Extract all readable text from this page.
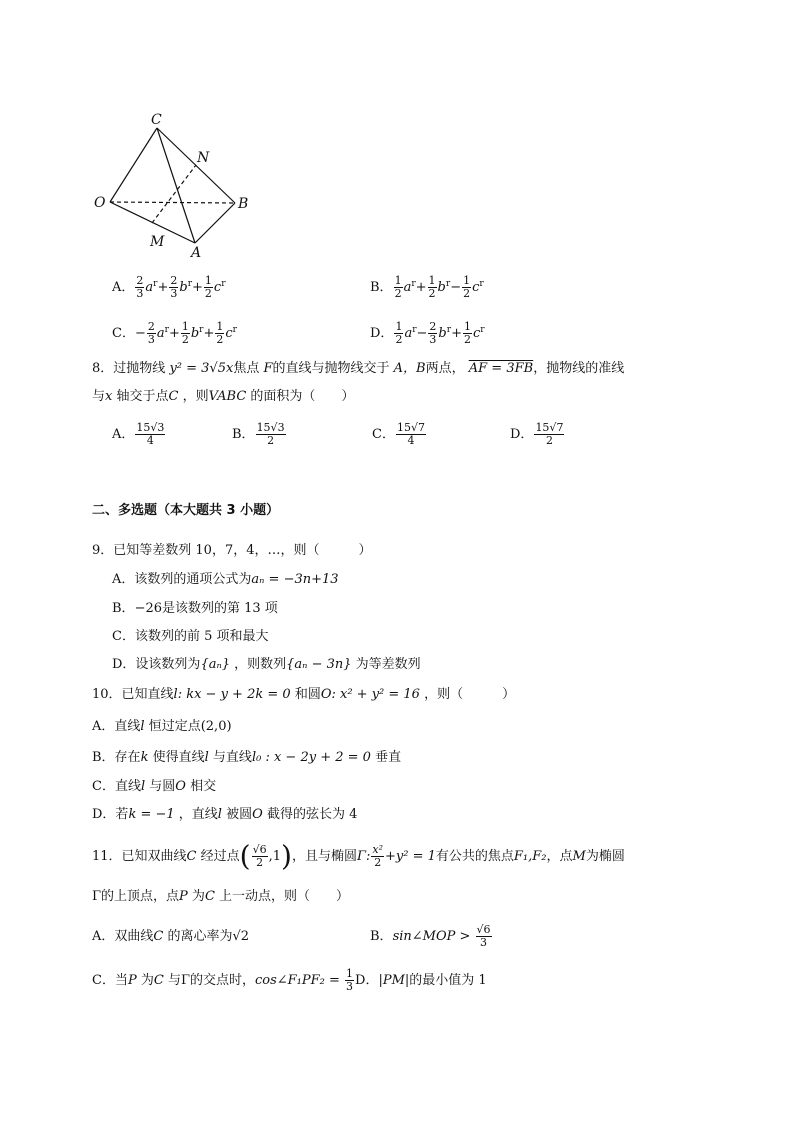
C
N
O	B
M
A
A． $\frac{2}{3} a^r+ \frac{2}{3} b^r+ \frac{1}{2} c^r$	B． $\frac{1}{2} a^r+ \frac{1}{2} b^r- \frac{1}{2} c^r$
C．− $\frac{2}{3} a^r+ \frac{1}{2} b^r+ \frac{1}{2} c^r$	D． $\frac{1}{2} a^r- \frac{2}{3} b^r+ \frac{1}{2} c^r$
8．过抛物线 y² = 3√5x焦点 F的直线与抛物线交于 A，B两点， AF = 3FB，抛物线的准线
与x 轴交于点C ，则VABC 的面积为（　　）
A． $\frac{15√3}{4}$	B． $\frac{15√3}{2}$	C． $\frac{15√7}{4}$	D． $\frac{15√7}{2}$
二、多选题（本大题共 3 小题）
9．已知等差数列 10，7，4，…，则（　　　）
A．该数列的通项公式为aₙ = −3n+13
B．−26是该数列的第 13 项
C．该数列的前 5 项和最大
D．设该数列为{aₙ} ，则数列{aₙ − 3n} 为等差数列
10．已知直线l: kx − y + 2k = 0 和圆O: x² + y² = 16 ，则（　　　）
A．直线l 恒过定点(2,0)
B．存在k 使得直线l 与直线l₀ : x − 2y + 2 = 0 垂直
C．直线l 与圆O 相交
D．若k = −1 ，直线l 被圆O 截得的弦长为 4
11．已知双曲线C 经过点( $\frac{√6}{2} ,1$)，且与椭圆Γ: $\frac{\text{x²}}{2} +y^2 = 1$有公共的焦点F₁,F₂，点M为椭圆
Γ的上顶点，点P 为C 上一动点，则（　　）
A．双曲线C 的离心率为√2	B．sin∠MOP > $\frac{√6}{3}$
C．当P 为C 与Γ的交点时，cos∠F₁PF₂ = $\frac{1}{3}$ D．|PM|的最小值为 1
